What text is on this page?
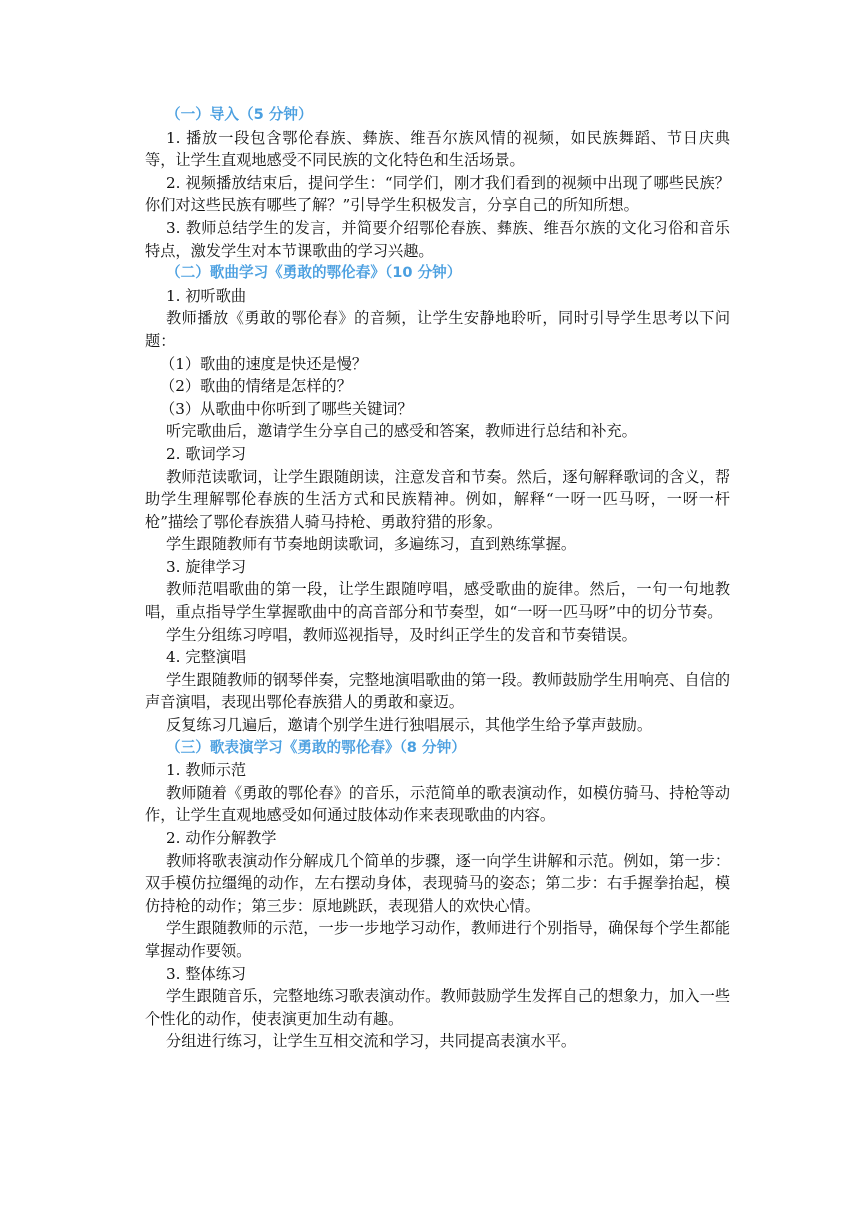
（一）导入（5 分钟）

1. 播放一段包含鄂伦春族、彝族、维吾尔族风情的视频，如民族舞蹈、节日庆典等，让学生直观地感受不同民族的文化特色和生活场景。

2. 视频播放结束后，提问学生：“同学们，刚才我们看到的视频中出现了哪些民族？你们对这些民族有哪些了解？”引导学生积极发言，分享自己的所知所想。

3. 教师总结学生的发言，并简要介绍鄂伦春族、彝族、维吾尔族的文化习俗和音乐特点，激发学生对本节课歌曲的学习兴趣。

（二）歌曲学习《勇敢的鄂伦春》（10 分钟）

1. 初听歌曲

教师播放《勇敢的鄂伦春》的音频，让学生安静地聆听，同时引导学生思考以下问题：

（1）歌曲的速度是快还是慢？

（2）歌曲的情绪是怎样的？

（3）从歌曲中你听到了哪些关键词？

听完歌曲后，邀请学生分享自己的感受和答案，教师进行总结和补充。

2. 歌词学习

教师范读歌词，让学生跟随朗读，注意发音和节奏。然后，逐句解释歌词的含义，帮助学生理解鄂伦春族的生活方式和民族精神。例如，解释“一呀一匹马呀，一呀一杆枪”描绘了鄂伦春族猎人骑马持枪、勇敢狩猎的形象。

学生跟随教师有节奏地朗读歌词，多遍练习，直到熟练掌握。

3. 旋律学习

教师范唱歌曲的第一段，让学生跟随哼唱，感受歌曲的旋律。然后，一句一句地教唱，重点指导学生掌握歌曲中的高音部分和节奏型，如“一呀一匹马呀”中的切分节奏。

学生分组练习哼唱，教师巡视指导，及时纠正学生的发音和节奏错误。

4. 完整演唱

学生跟随教师的钢琴伴奏，完整地演唱歌曲的第一段。教师鼓励学生用响亮、自信的声音演唱，表现出鄂伦春族猎人的勇敢和豪迈。

反复练习几遍后，邀请个别学生进行独唱展示，其他学生给予掌声鼓励。

（三）歌表演学习《勇敢的鄂伦春》（8 分钟）

1. 教师示范

教师随着《勇敢的鄂伦春》的音乐，示范简单的歌表演动作，如模仿骑马、持枪等动作，让学生直观地感受如何通过肢体动作来表现歌曲的内容。

2. 动作分解教学

教师将歌表演动作分解成几个简单的步骤，逐一向学生讲解和示范。例如，第一步：双手模仿拉缰绳的动作，左右摆动身体，表现骑马的姿态；第二步：右手握拳抬起，模仿持枪的动作；第三步：原地跳跃，表现猎人的欢快心情。

学生跟随教师的示范，一步一步地学习动作，教师进行个别指导，确保每个学生都能掌握动作要领。

3. 整体练习

学生跟随音乐，完整地练习歌表演动作。教师鼓励学生发挥自己的想象力，加入一些个性化的动作，使表演更加生动有趣。

分组进行练习，让学生互相交流和学习，共同提高表演水平。
